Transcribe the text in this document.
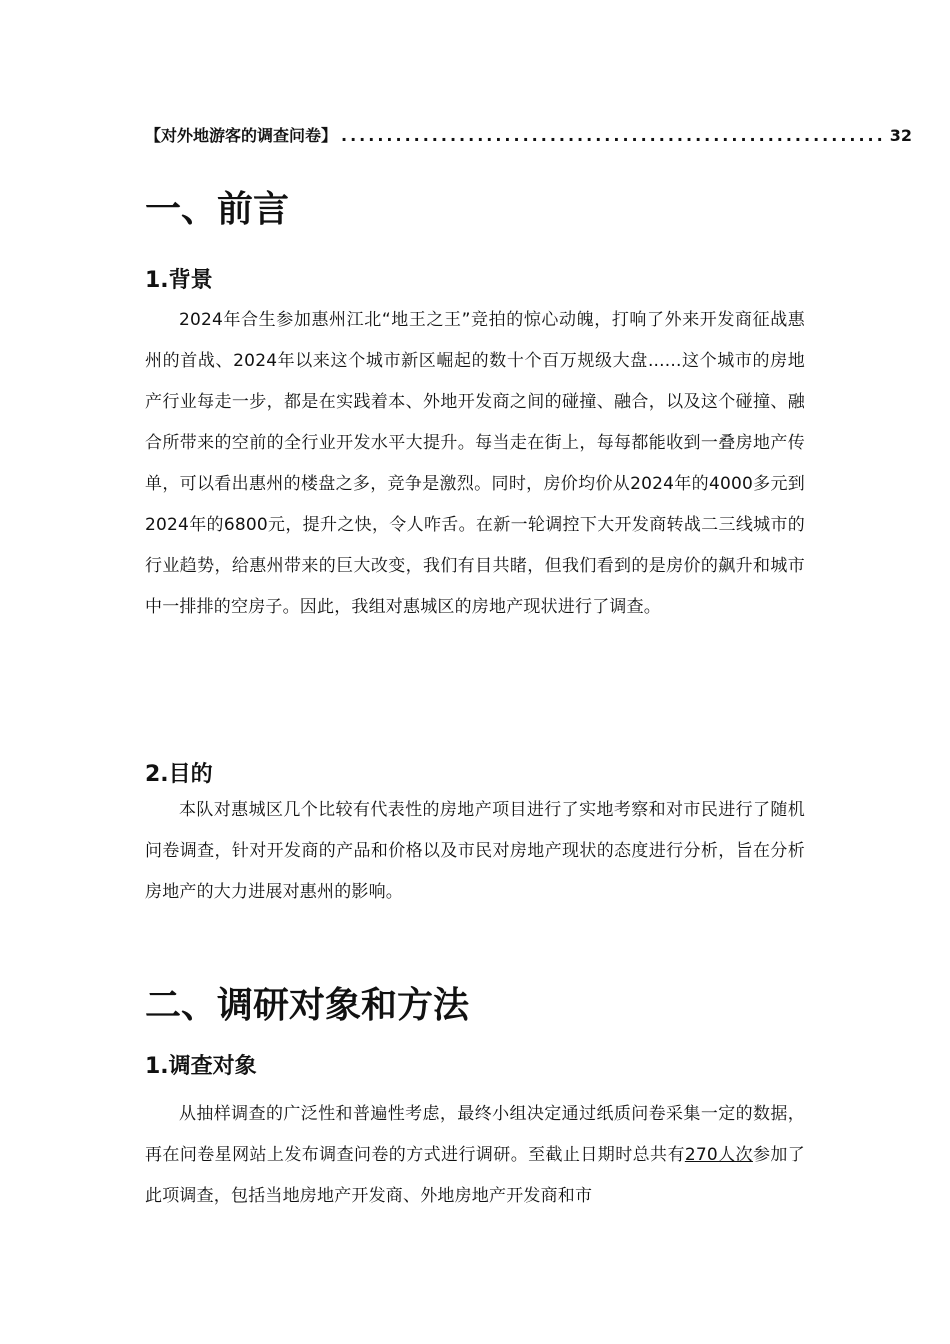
【对外地游客的调查问卷】 ............................................................ 32
一、前言
1.背景

2024年合生参加惠州江北“地王之王”竞拍的惊心动魄，打响了外来开发商征战惠州的首战、2024年以来这个城市新区崛起的数十个百万规级大盘......这个城市的房地产行业每走一步，都是在实践着本、外地开发商之间的碰撞、融合，以及这个碰撞、融合所带来的空前的全行业开发水平大提升。每当走在街上，每每都能收到一叠房地产传单，可以看出惠州的楼盘之多，竞争是激烈。同时，房价均价从2024年的4000多元到2024年的6800元，提升之快，令人咋舌。在新一轮调控下大开发商转战二三线城市的行业趋势，给惠州带来的巨大改变，我们有目共睹，但我们看到的是房价的飙升和城市中一排排的空房子。因此，我组对惠城区的房地产现状进行了调查。

2.目的

本队对惠城区几个比较有代表性的房地产项目进行了实地考察和对市民进行了随机问卷调查，针对开发商的产品和价格以及市民对房地产现状的态度进行分析，旨在分析房地产的大力进展对惠州的影响。

二、调研对象和方法
1.调查对象

从抽样调查的广泛性和普遍性考虑，最终小组决定通过纸质问卷采集一定的数据，再在问卷星网站上发布调查问卷的方式进行调研。至截止日期时总共有270人次参加了此项调查，包括当地房地产开发商、外地房地产开发商和市
